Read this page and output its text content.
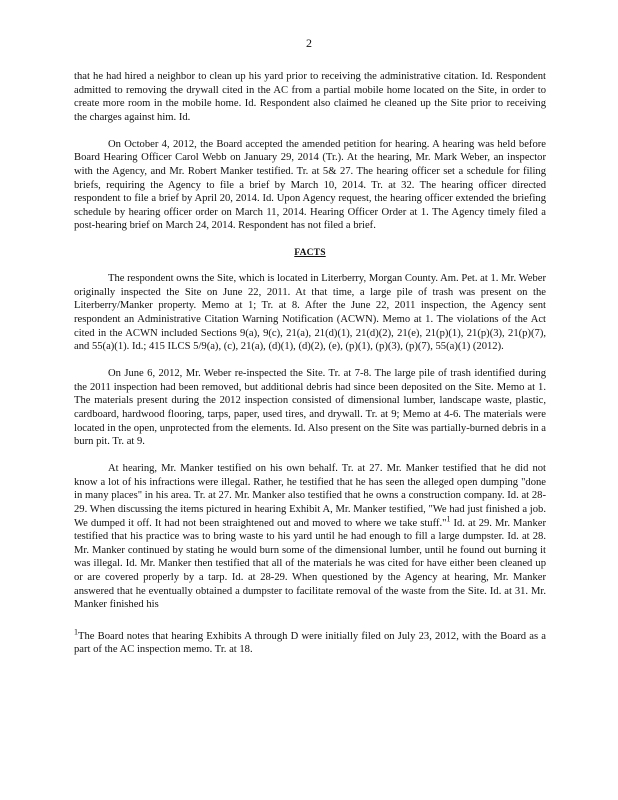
2

that he had hired a neighbor to clean up his yard prior to receiving the administrative citation. Id. Respondent admitted to removing the drywall cited in the AC from a partial mobile home located on the Site, in order to create more room in the mobile home. Id. Respondent also claimed he cleaned up the Site prior to receiving the charges against him. Id.

On October 4, 2012, the Board accepted the amended petition for hearing. A hearing was held before Board Hearing Officer Carol Webb on January 29, 2014 (Tr.). At the hearing, Mr. Mark Weber, an inspector with the Agency, and Mr. Robert Manker testified. Tr. at 5& 27. The hearing officer set a schedule for filing briefs, requiring the Agency to file a brief by March 10, 2014. Tr. at 32. The hearing officer directed respondent to file a brief by April 20, 2014. Id. Upon Agency request, the hearing officer extended the briefing schedule by hearing officer order on March 11, 2014. Hearing Officer Order at 1. The Agency timely filed a post-hearing brief on March 24, 2014. Respondent has not filed a brief.

FACTS

The respondent owns the Site, which is located in Literberry, Morgan County. Am. Pet. at 1. Mr. Weber originally inspected the Site on June 22, 2011. At that time, a large pile of trash was present on the Literberry/Manker property. Memo at 1; Tr. at 8. After the June 22, 2011 inspection, the Agency sent respondent an Administrative Citation Warning Notification (ACWN). Memo at 1. The violations of the Act cited in the ACWN included Sections 9(a), 9(c), 21(a), 21(d)(1), 21(d)(2), 21(e), 21(p)(1), 21(p)(3), 21(p)(7), and 55(a)(1). Id.; 415 ILCS 5/9(a), (c), 21(a), (d)(1), (d)(2), (e), (p)(1), (p)(3), (p)(7), 55(a)(1) (2012).

On June 6, 2012, Mr. Weber re-inspected the Site. Tr. at 7-8. The large pile of trash identified during the 2011 inspection had been removed, but additional debris had since been deposited on the Site. Memo at 1. The materials present during the 2012 inspection consisted of dimensional lumber, landscape waste, plastic, cardboard, hardwood flooring, tarps, paper, used tires, and drywall. Tr. at 9; Memo at 4-6. The materials were located in the open, unprotected from the elements. Id. Also present on the Site was partially-burned debris in a burn pit. Tr. at 9.

At hearing, Mr. Manker testified on his own behalf. Tr. at 27. Mr. Manker testified that he did not know a lot of his infractions were illegal. Rather, he testified that he has seen the alleged open dumping "done in many places" in his area. Tr. at 27. Mr. Manker also testified that he owns a construction company. Id. at 28-29. When discussing the items pictured in hearing Exhibit A, Mr. Manker testified, "We had just finished a job. We dumped it off. It had not been straightened out and moved to where we take stuff."$^1$ Id. at 29. Mr. Manker testified that his practice was to bring waste to his yard until he had enough to fill a large dumpster. Id. at 28. Mr. Manker continued by stating he would burn some of the dimensional lumber, until he found out burning it was illegal. Id. Mr. Manker then testified that all of the materials he was cited for have either been cleaned up or are covered properly by a tarp. Id. at 28-29. When questioned by the Agency at hearing, Mr. Manker answered that he eventually obtained a dumpster to facilitate removal of the waste from the Site. Id. at 31. Mr. Manker finished his

$^1$The Board notes that hearing Exhibits A through D were initially filed on July 23, 2012, with the Board as a part of the AC inspection memo. Tr. at 18.
